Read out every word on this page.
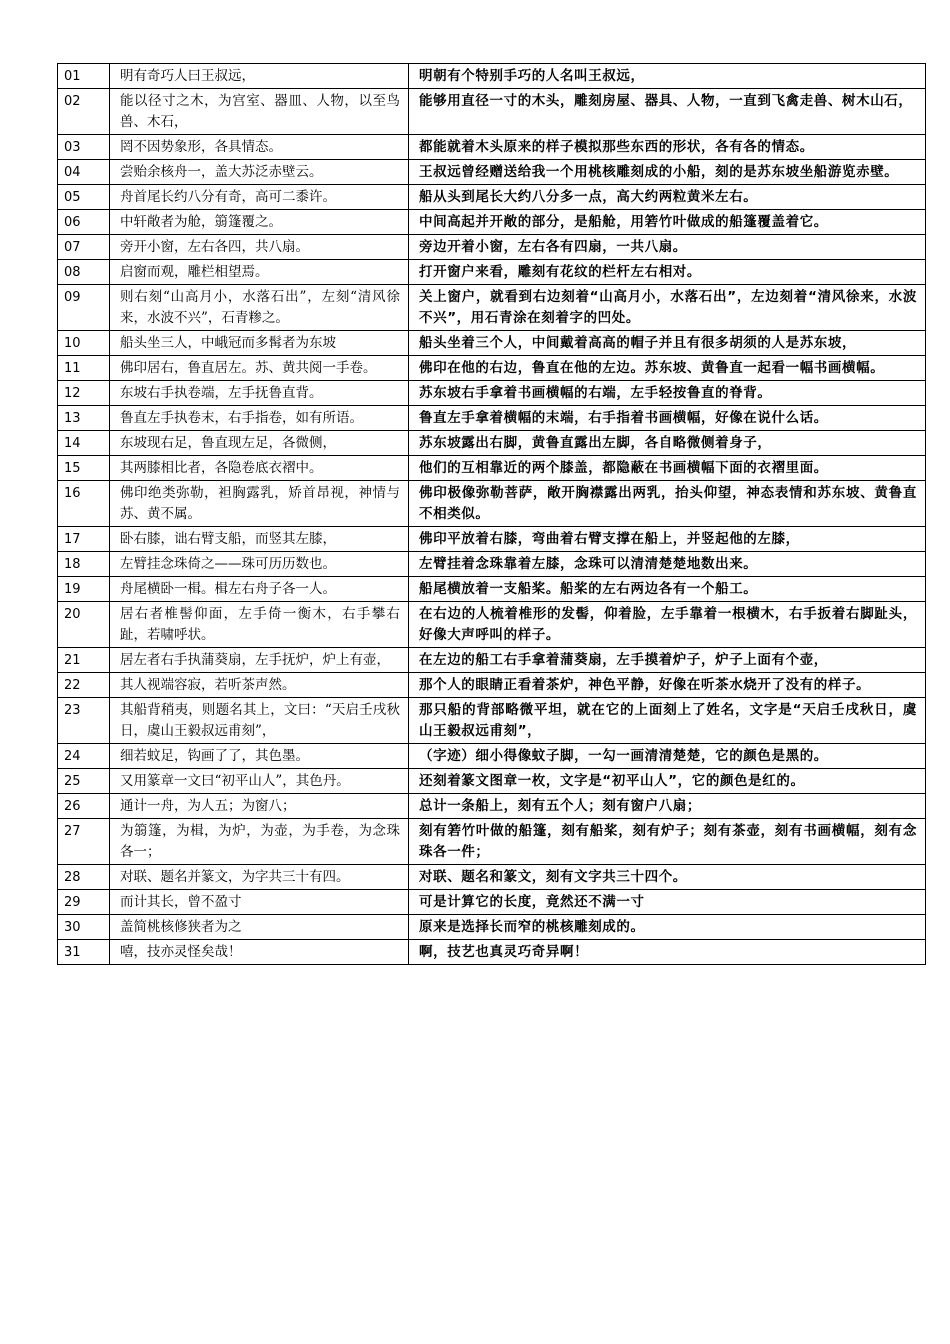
01	明有奇巧人曰王叔远，	明朝有个特别手巧的人名叫王叔远，
02	能以径寸之木，为宫室、器皿、人物，以至鸟兽、木石，	能够用直径一寸的木头，雕刻房屋、器具、人物，一直到飞禽走兽、树木山石，
03	罔不因势象形，各具情态。	都能就着木头原来的样子模拟那些东西的形状，各有各的情态。
04	尝贻余核舟一，盖大苏泛赤壁云。	王叔远曾经赠送给我一个用桃核雕刻成的小船，刻的是苏东坡坐船游览赤壁。
05	舟首尾长约八分有奇，高可二黍许。	船从头到尾长大约八分多一点，高大约两粒黄米左右。
06	中轩敞者为舱，篛篷覆之。	中间高起并开敞的部分，是船舱，用箬竹叶做成的船篷覆盖着它。
07	旁开小窗，左右各四，共八扇。	旁边开着小窗，左右各有四扇，一共八扇。
08	启窗而观，雕栏相望焉。	打开窗户来看，雕刻有花纹的栏杆左右相对。
09	则右刻“山高月小，水落石出”，左刻“清风徐来，水波不兴”，石青糁之。	关上窗户，就看到右边刻着“山高月小，水落石出”，左边刻着“清风徐来，水波不兴”，用石青涂在刻着字的凹处。
10	船头坐三人，中峨冠而多髯者为东坡	船头坐着三个人，中间戴着高高的帽子并且有很多胡须的人是苏东坡，
11	佛印居右，鲁直居左。苏、黄共阅一手卷。	佛印在他的右边，鲁直在他的左边。苏东坡、黄鲁直一起看一幅书画横幅。
12	东坡右手执卷端，左手抚鲁直背。	苏东坡右手拿着书画横幅的右端，左手轻按鲁直的脊背。
13	鲁直左手执卷末，右手指卷，如有所语。	鲁直左手拿着横幅的末端，右手指着书画横幅，好像在说什么话。
14	东坡现右足，鲁直现左足，各微侧，	苏东坡露出右脚，黄鲁直露出左脚，各自略微侧着身子，
15	其两膝相比者，各隐卷底衣褶中。	他们的互相靠近的两个膝盖，都隐蔽在书画横幅下面的衣褶里面。
16	佛印绝类弥勒，袒胸露乳，矫首昂视，神情与苏、黄不属。	佛印极像弥勒菩萨，敞开胸襟露出两乳，抬头仰望，神态表情和苏东坡、黄鲁直不相类似。
17	卧右膝，诎右臂支船，而竖其左膝，	佛印平放着右膝，弯曲着右臂支撑在船上，并竖起他的左膝，
18	左臂挂念珠倚之——珠可历历数也。	左臂挂着念珠靠着左膝，念珠可以清清楚楚地数出来。
19	舟尾横卧一楫。楫左右舟子各一人。	船尾横放着一支船桨。船桨的左右两边各有一个船工。
20	居右者椎髻仰面，左手倚一衡木，右手攀右趾，若啸呼状。	在右边的人梳着椎形的发髻，仰着脸，左手靠着一根横木，右手扳着右脚趾头，好像大声呼叫的样子。
21	居左者右手执蒲葵扇，左手抚炉，炉上有壶，	在左边的船工右手拿着蒲葵扇，左手摸着炉子，炉子上面有个壶，
22	其人视端容寂，若听茶声然。	那个人的眼睛正看着茶炉，神色平静，好像在听茶水烧开了没有的样子。
23	其船背稍夷，则题名其上，文曰：“天启壬戌秋日，虞山王毅叔远甫刻”，	那只船的背部略微平坦，就在它的上面刻上了姓名，文字是“天启壬戌秋日，虞山王毅叔远甫刻”，
24	细若蚊足，钩画了了，其色墨。	（字迹）细小得像蚊子脚，一勾一画清清楚楚，它的颜色是黑的。
25	又用篆章一文曰“初平山人”，其色丹。	还刻着篆文图章一枚，文字是“初平山人”，它的颜色是红的。
26	通计一舟，为人五；为窗八；	总计一条船上，刻有五个人；刻有窗户八扇；
27	为篛篷，为楫，为炉，为壶，为手卷，为念珠各一；	刻有箬竹叶做的船篷，刻有船桨，刻有炉子；刻有茶壶，刻有书画横幅，刻有念珠各一件；
28	对联、题名并篆文，为字共三十有四。	对联、题名和篆文，刻有文字共三十四个。
29	而计其长，曾不盈寸	可是计算它的长度，竟然还不满一寸
30	盖简桃核修狭者为之	原来是选择长而窄的桃核雕刻成的。
31	嘻，技亦灵怪矣哉！	啊，技艺也真灵巧奇异啊！
